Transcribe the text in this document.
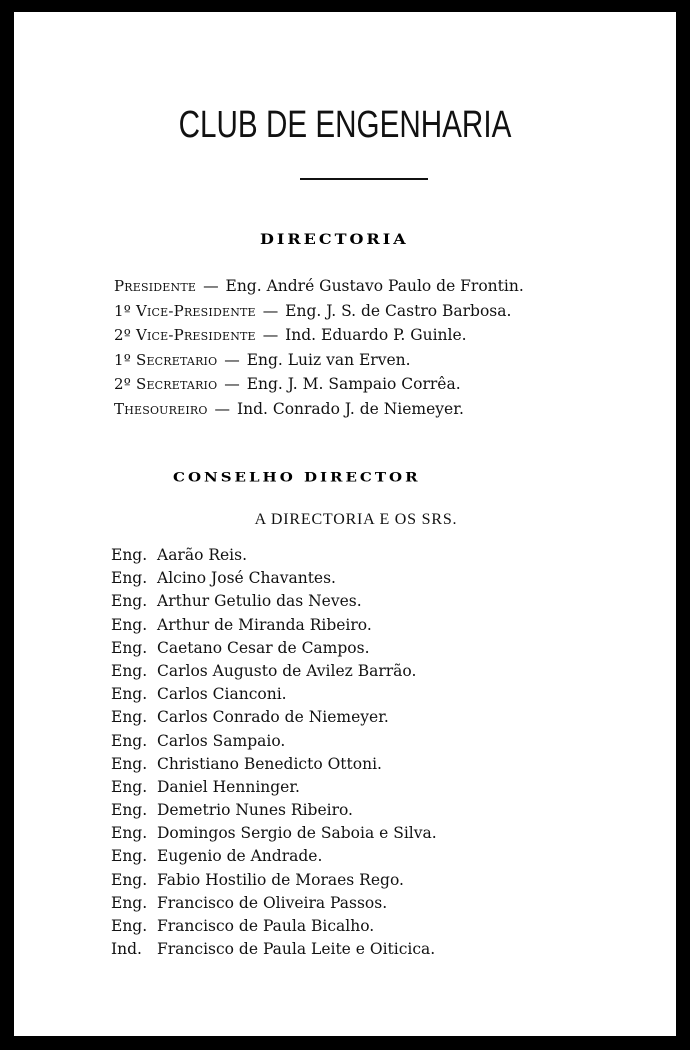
CLUB DE ENGENHARIA
DIRECTORIA
Presidente — Eng. André Gustavo Paulo de Frontin.
1º Vice-Presidente — Eng. J. S. de Castro Barbosa.
2º Vice-Presidente — Ind. Eduardo P. Guinle.
1º Secretario — Eng. Luiz van Erven.
2º Secretario — Eng. J. M. Sampaio Corrêa.
Thesoureiro — Ind. Conrado J. de Niemeyer.
CONSELHO DIRECTOR
A DIRECTORIA E OS SRS.
Eng. Aarão Reis.
Eng. Alcino José Chavantes.
Eng. Arthur Getulio das Neves.
Eng. Arthur de Miranda Ribeiro.
Eng. Caetano Cesar de Campos.
Eng. Carlos Augusto de Avilez Barrão.
Eng. Carlos Cianconi.
Eng. Carlos Conrado de Niemeyer.
Eng. Carlos Sampaio.
Eng. Christiano Benedicto Ottoni.
Eng. Daniel Henninger.
Eng. Demetrio Nunes Ribeiro.
Eng. Domingos Sergio de Saboia e Silva.
Eng. Eugenio de Andrade.
Eng. Fabio Hostilio de Moraes Rego.
Eng. Francisco de Oliveira Passos.
Eng. Francisco de Paula Bicalho.
Ind. Francisco de Paula Leite e Oiticica.
